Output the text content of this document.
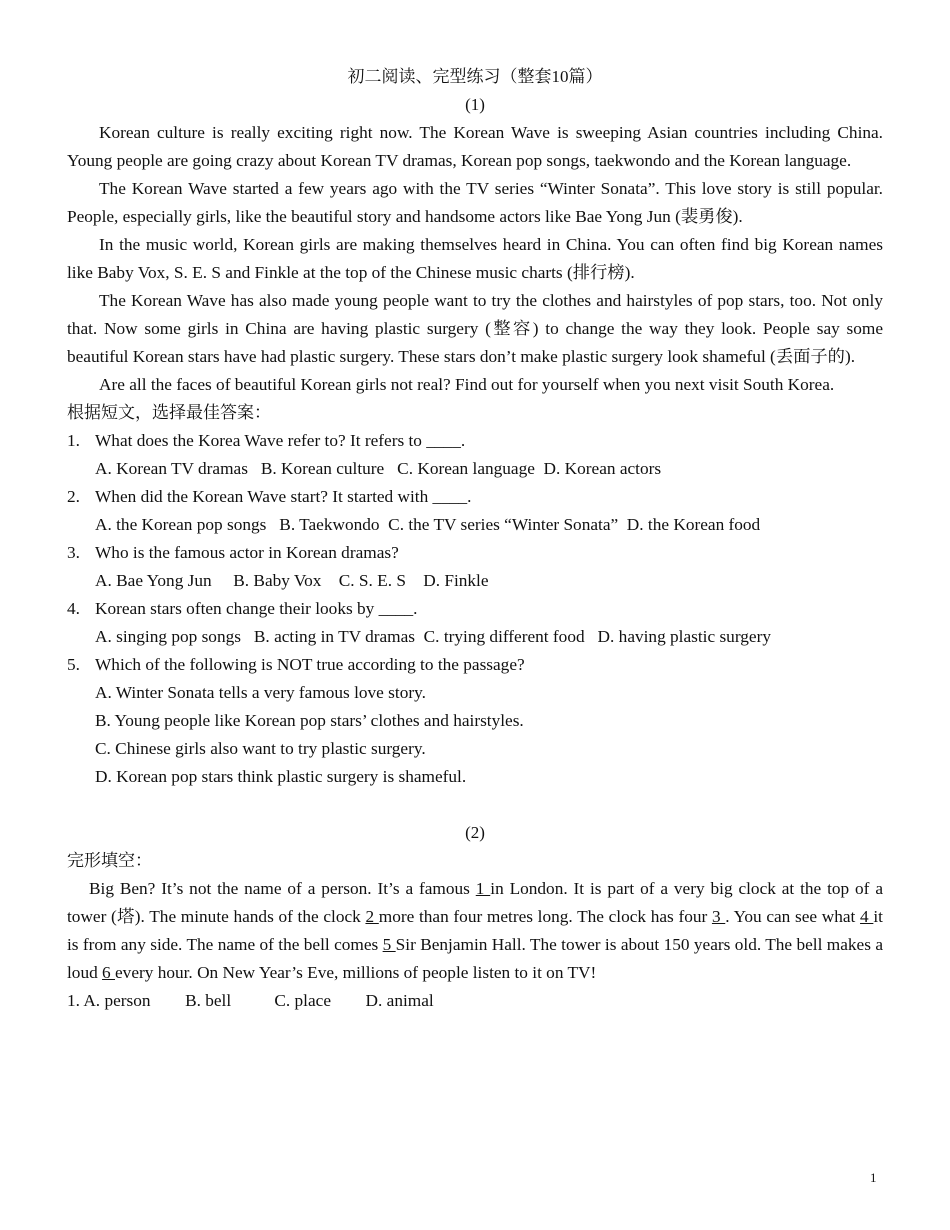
初二阅读、完型练习（整套10篇）
(1)

Korean culture is really exciting right now. The Korean Wave is sweeping Asian countries including China. Young people are going crazy about Korean TV dramas, Korean pop songs, taekwondo and the Korean language.

The Korean Wave started a few years ago with the TV series “Winter Sonata”. This love story is still popular. People, especially girls, like the beautiful story and handsome actors like Bae Yong Jun (裴勇俊).

In the music world, Korean girls are making themselves heard in China. You can often find big Korean names like Baby Vox, S. E. S and Finkle at the top of the Chinese music charts (排行榜).

The Korean Wave has also made young people want to try the clothes and hairstyles of pop stars, too. Not only that. Now some girls in China are having plastic surgery (整容) to change the way they look. People say some beautiful Korean stars have had plastic surgery. These stars don’t make plastic surgery look shameful (丢面子的).

Are all the faces of beautiful Korean girls not real? Find out for yourself when you next visit South Korea.

根据短文，选择最佳答案：
1. What does the Korea Wave refer to? It refers to ____.
A. Korean TV dramas   B. Korean culture   C. Korean language  D. Korean actors
2. When did the Korean Wave start? It started with ____.
A. the Korean pop songs   B. Taekwondo  C. the TV series “Winter Sonata”  D. the Korean food
3. Who is the famous actor in Korean dramas?
A. Bae Yong Jun     B. Baby Vox    C. S. E. S    D. Finkle
4. Korean stars often change their looks by ____.
A. singing pop songs   B. acting in TV dramas  C. trying different food   D. having plastic surgery
5. Which of the following is NOT true according to the passage?
A. Winter Sonata tells a very famous love story.
B. Young people like Korean pop stars’ clothes and hairstyles.
C. Chinese girls also want to try plastic surgery.
D. Korean pop stars think plastic surgery is shameful.
(2)
完形填空：

Big Ben? It’s not the name of a person. It’s a famous 1 in London. It is part of a very big clock at the top of a tower (塔). The minute hands of the clock 2 more than four metres long. The clock has four 3 . You can see what 4 it is from any side. The name of the bell comes 5 Sir Benjamin Hall. The tower is about 150 years old. The bell makes a loud 6 every hour. On New Year’s Eve, millions of people listen to it on TV!

1. A. person        B. bell          C. place        D. animal
1
